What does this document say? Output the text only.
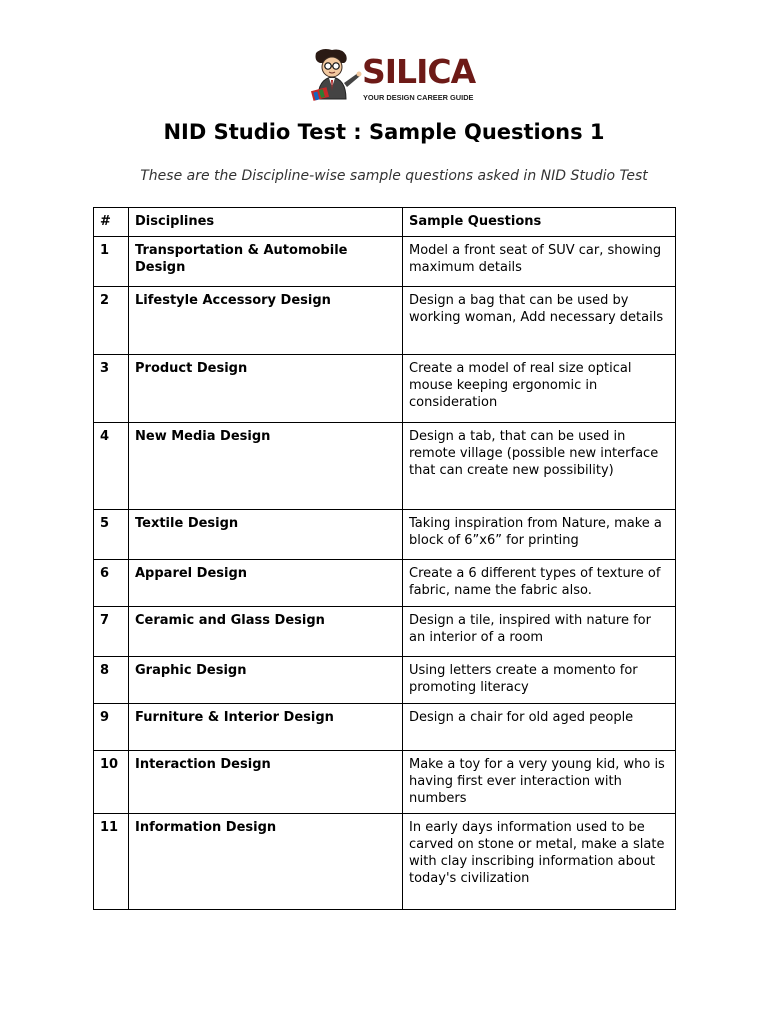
SILICA
YOUR DESIGN CAREER GUIDE
NID Studio Test : Sample Questions 1
These are the Discipline-wise sample questions asked in NID Studio Test
#	Disciplines	Sample Questions
1	Transportation & Automobile Design	Model a front seat of SUV car, showing maximum details
2	Lifestyle Accessory Design	Design a bag that can be used by working woman, Add necessary details
3	Product Design	Create a model of real size optical mouse keeping ergonomic in consideration
4	New Media Design	Design a tab, that can be used in remote village (possible new interface that can create new possibility)
5	Textile Design	Taking inspiration from Nature, make a block of 6”x6” for printing
6	Apparel Design	Create a 6 different types of texture of fabric, name the fabric also.
7	Ceramic and Glass Design	Design a tile, inspired with nature for an interior of a room
8	Graphic Design	Using letters create a momento for promoting literacy
9	Furniture & Interior Design	Design a chair for old aged people
10	Interaction Design	Make a toy for a very young kid, who is having first ever interaction with numbers
11	Information Design	In early days information used to be carved on stone or metal, make a slate with clay inscribing information about today's civilization
